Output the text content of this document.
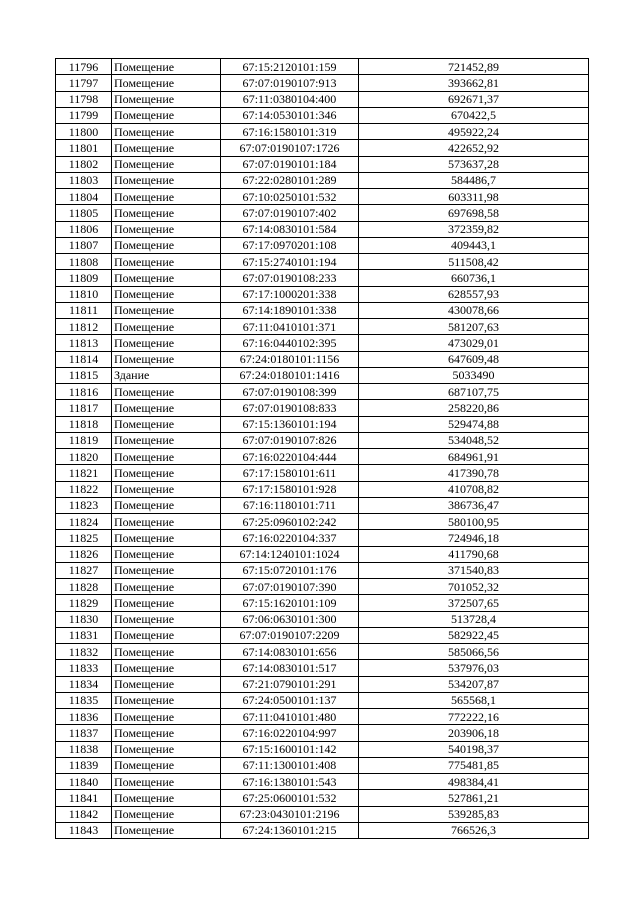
11796	Помещение	67:15:2120101:159	721452,89
11797	Помещение	67:07:0190107:913	393662,81
11798	Помещение	67:11:0380104:400	692671,37
11799	Помещение	67:14:0530101:346	670422,5
11800	Помещение	67:16:1580101:319	495922,24
11801	Помещение	67:07:0190107:1726	422652,92
11802	Помещение	67:07:0190101:184	573637,28
11803	Помещение	67:22:0280101:289	584486,7
11804	Помещение	67:10:0250101:532	603311,98
11805	Помещение	67:07:0190107:402	697698,58
11806	Помещение	67:14:0830101:584	372359,82
11807	Помещение	67:17:0970201:108	409443,1
11808	Помещение	67:15:2740101:194	511508,42
11809	Помещение	67:07:0190108:233	660736,1
11810	Помещение	67:17:1000201:338	628557,93
11811	Помещение	67:14:1890101:338	430078,66
11812	Помещение	67:11:0410101:371	581207,63
11813	Помещение	67:16:0440102:395	473029,01
11814	Помещение	67:24:0180101:1156	647609,48
11815	Здание	67:24:0180101:1416	5033490
11816	Помещение	67:07:0190108:399	687107,75
11817	Помещение	67:07:0190108:833	258220,86
11818	Помещение	67:15:1360101:194	529474,88
11819	Помещение	67:07:0190107:826	534048,52
11820	Помещение	67:16:0220104:444	684961,91
11821	Помещение	67:17:1580101:611	417390,78
11822	Помещение	67:17:1580101:928	410708,82
11823	Помещение	67:16:1180101:711	386736,47
11824	Помещение	67:25:0960102:242	580100,95
11825	Помещение	67:16:0220104:337	724946,18
11826	Помещение	67:14:1240101:1024	411790,68
11827	Помещение	67:15:0720101:176	371540,83
11828	Помещение	67:07:0190107:390	701052,32
11829	Помещение	67:15:1620101:109	372507,65
11830	Помещение	67:06:0630101:300	513728,4
11831	Помещение	67:07:0190107:2209	582922,45
11832	Помещение	67:14:0830101:656	585066,56
11833	Помещение	67:14:0830101:517	537976,03
11834	Помещение	67:21:0790101:291	534207,87
11835	Помещение	67:24:0500101:137	565568,1
11836	Помещение	67:11:0410101:480	772222,16
11837	Помещение	67:16:0220104:997	203906,18
11838	Помещение	67:15:1600101:142	540198,37
11839	Помещение	67:11:1300101:408	775481,85
11840	Помещение	67:16:1380101:543	498384,41
11841	Помещение	67:25:0600101:532	527861,21
11842	Помещение	67:23:0430101:2196	539285,83
11843	Помещение	67:24:1360101:215	766526,3
